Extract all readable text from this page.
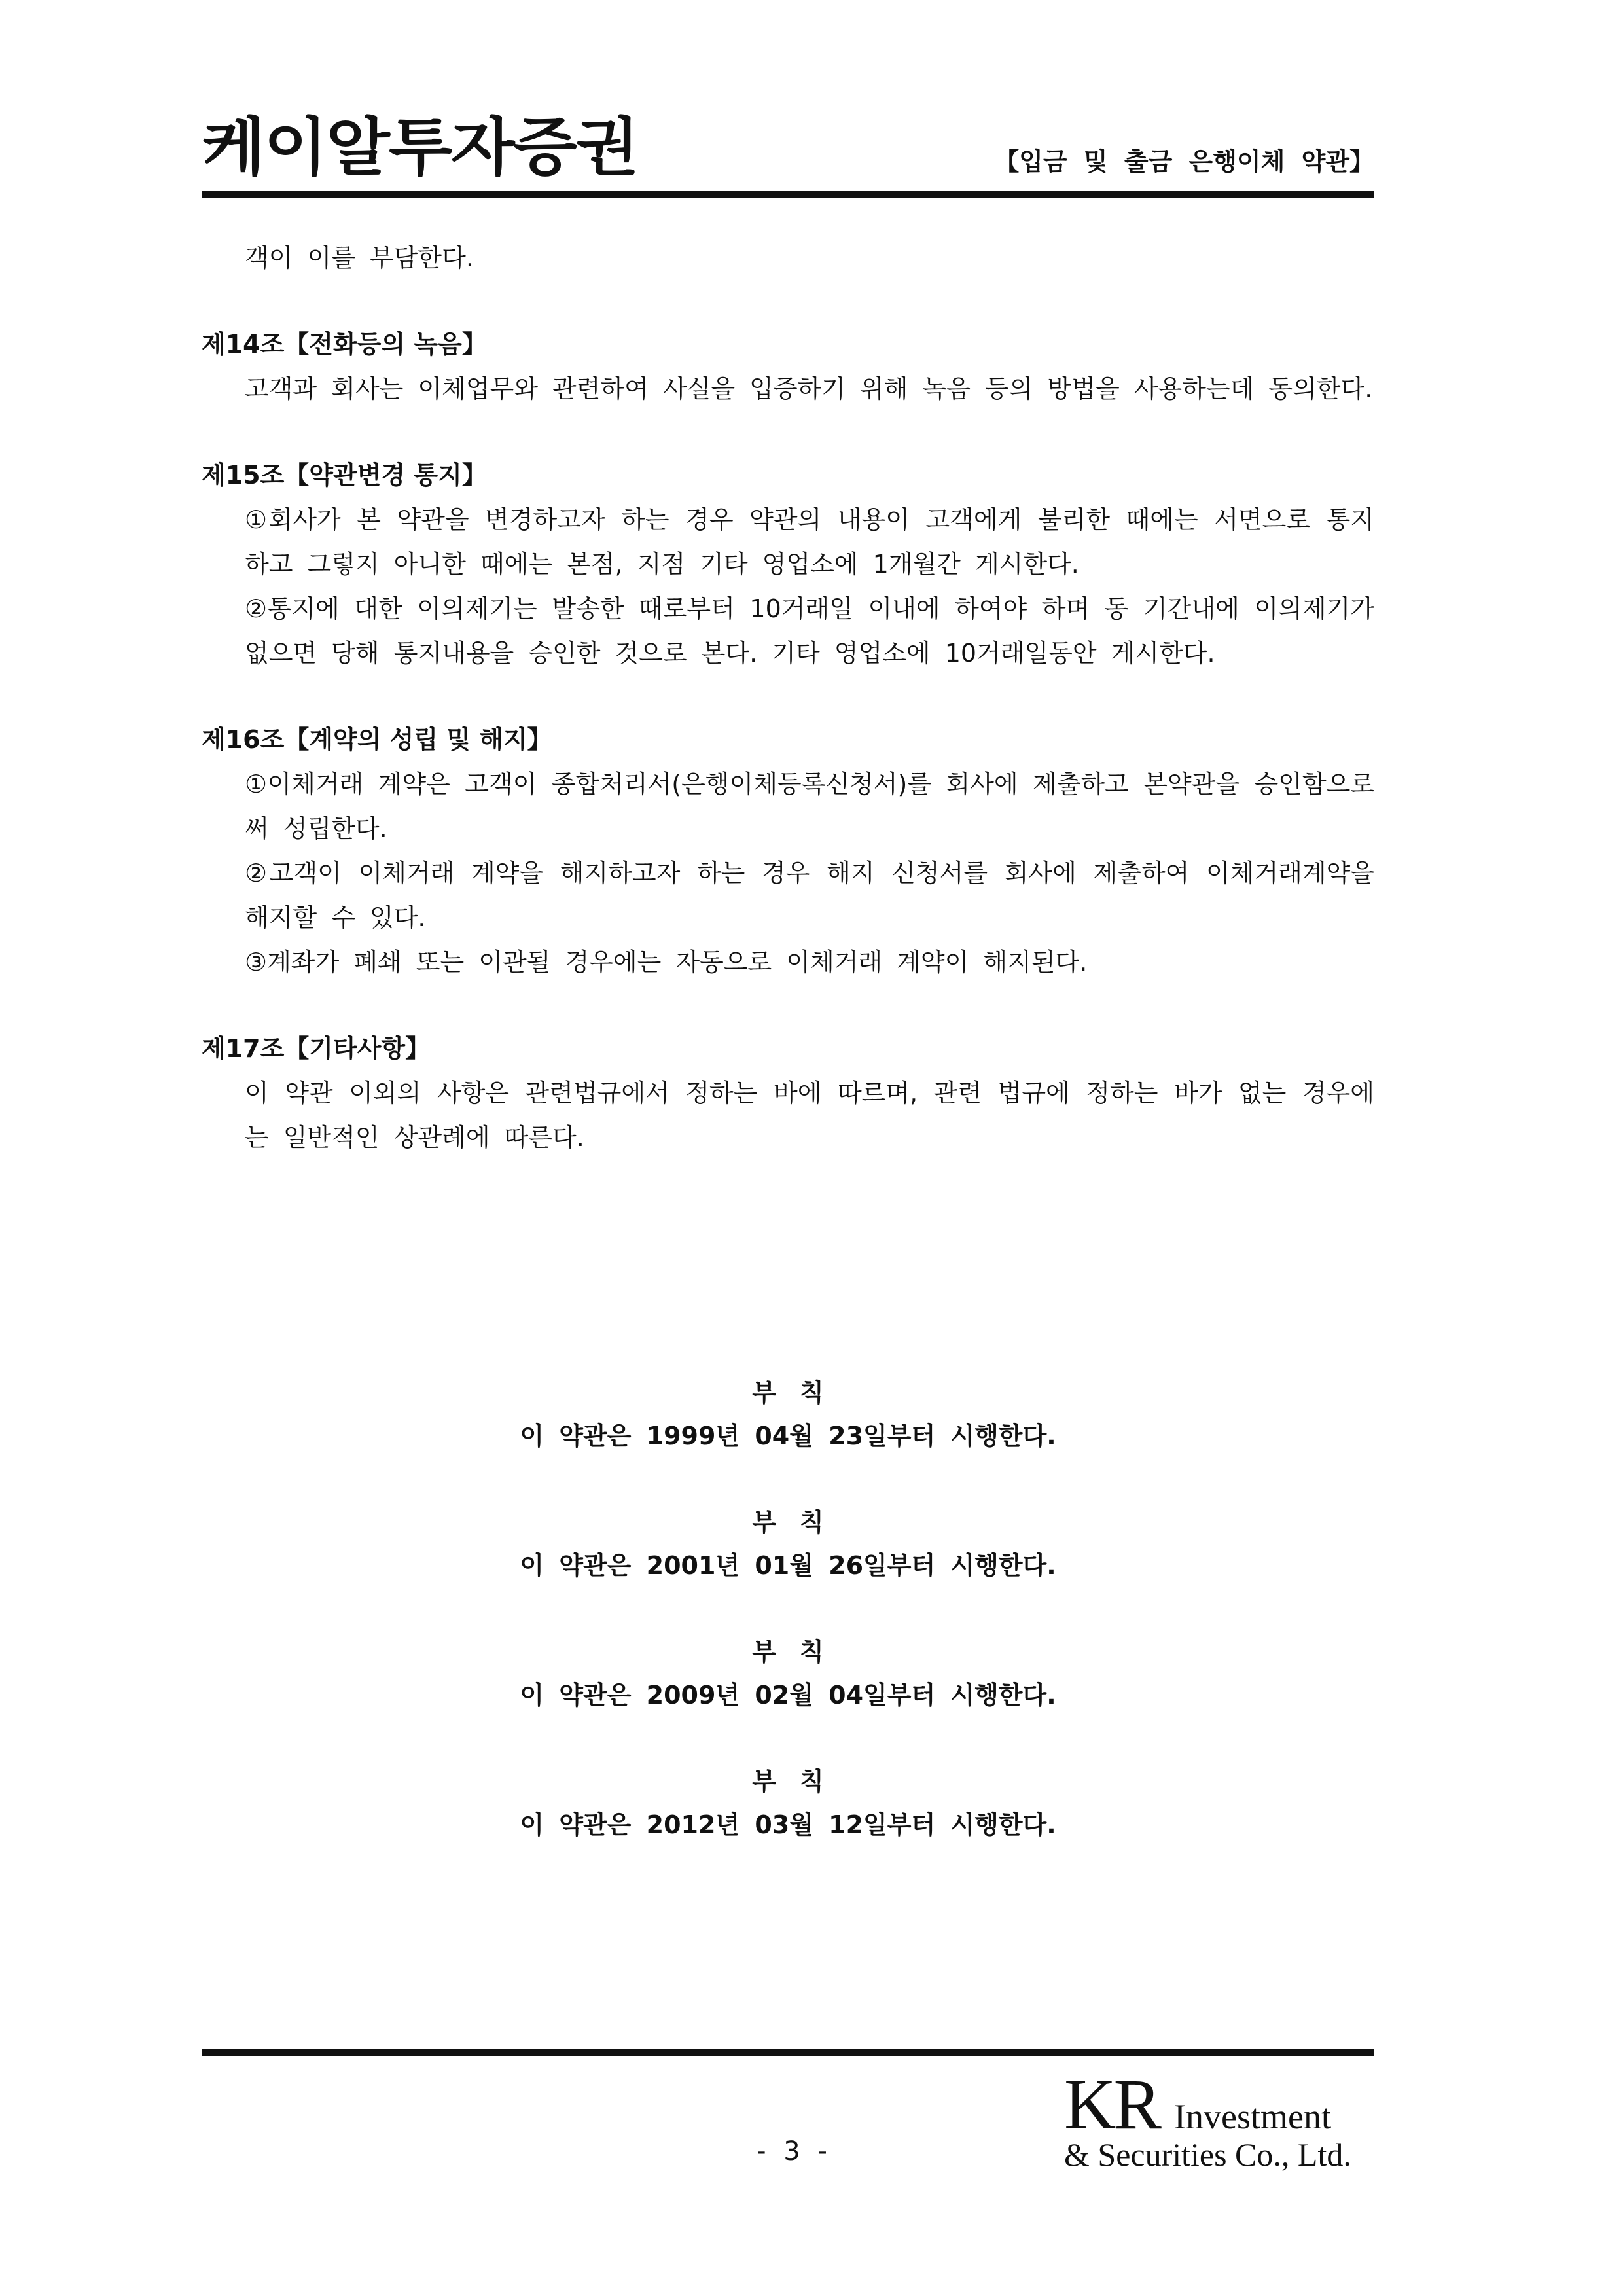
케이알투자증권	【입금 및 출금 은행이체 약관】

객이 이를 부담한다.

제14조【전화등의 녹음】

고객과 회사는 이체업무와 관련하여 사실을 입증하기 위해 녹음 등의 방법을 사용하는데 동의한다.

제15조【약관변경 통지】

①회사가 본 약관을 변경하고자 하는 경우 약관의 내용이 고객에게 불리한 때에는 서면으로 통지하고 그렇지 아니한 때에는 본점, 지점 기타 영업소에 1개월간 게시한다.

②통지에 대한 이의제기는 발송한 때로부터 10거래일 이내에 하여야 하며 동 기간내에 이의제기가 없으면 당해 통지내용을 승인한 것으로 본다. 기타 영업소에 10거래일동안 게시한다.

제16조【계약의 성립 및 해지】

①이체거래 계약은 고객이 종합처리서(은행이체등록신청서)를 회사에 제출하고 본약관을 승인함으로써 성립한다.

②고객이 이체거래 계약을 해지하고자 하는 경우 해지 신청서를 회사에 제출하여 이체거래계약을 해지할 수 있다.

③계좌가 폐쇄 또는 이관될 경우에는 자동으로 이체거래 계약이 해지된다.

제17조【기타사항】

이 약관 이외의 사항은 관련법규에서 정하는 바에 따르며, 관련 법규에 정하는 바가 없는 경우에는 일반적인 상관례에 따른다.

부칙
이 약관은 1999년 04월 23일부터 시행한다.
부칙
이 약관은 2001년 01월 26일부터 시행한다.
부칙
이 약관은 2009년 02월 04일부터 시행한다.
부칙
이 약관은 2012년 03월 12일부터 시행한다.
- 3 -
KR Investment
& Securities Co., Ltd.
